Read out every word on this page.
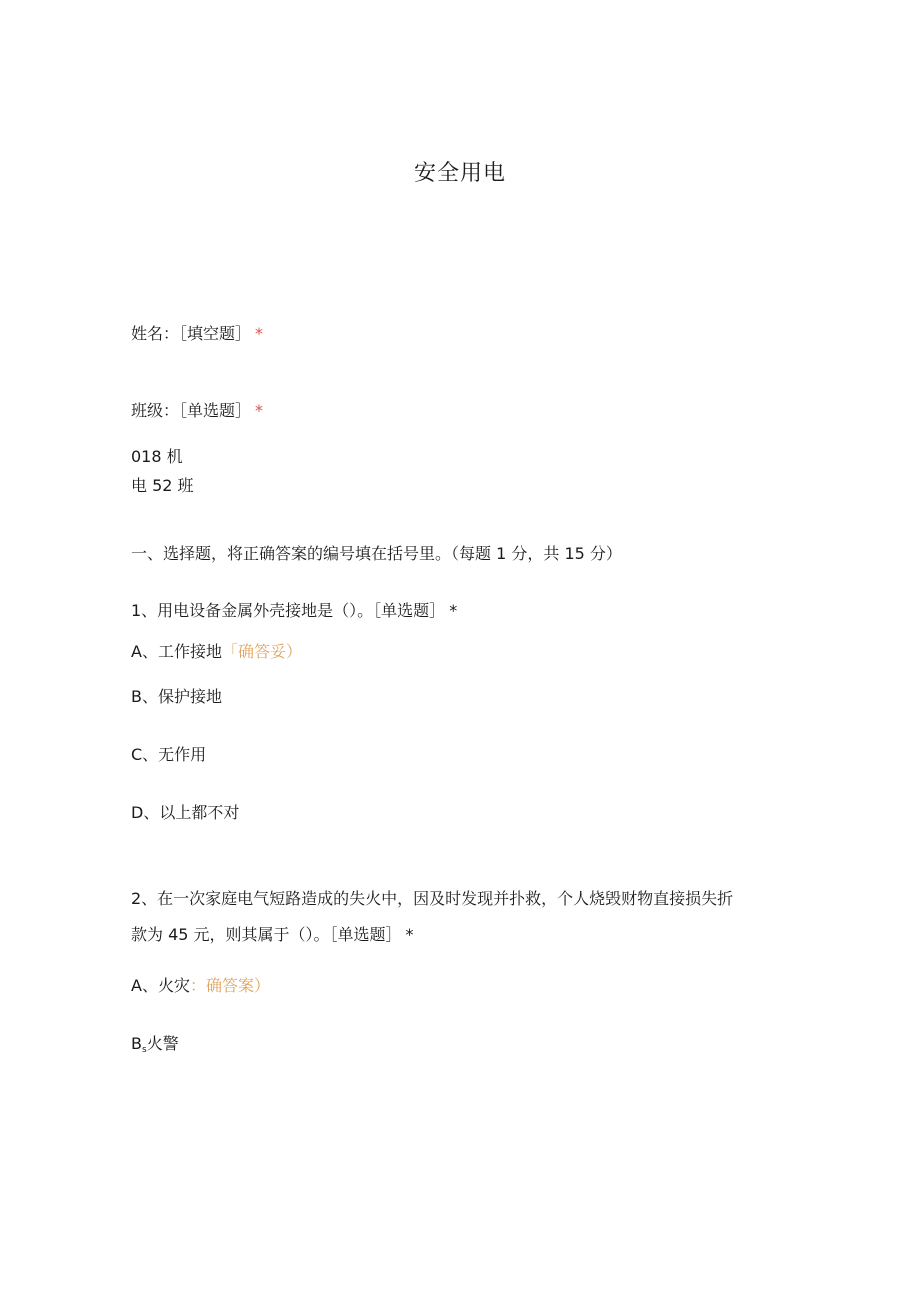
安全用电
姓名：［填空题］ *
班级：［单选题］ *
018 机
电 52 班
一、选择题，将正确答案的编号填在括号里。（每题 1 分，共 15 分）
1、用电设备金属外壳接地是（）。［单选题］ *
A、工作接地「确答妥）
B、保护接地
C、无作用
D、以上都不对
2、在一次家庭电气短路造成的失火中，因及时发现并扑救，个人烧毁财物直接损失折
款为 45 元，则其属于（）。［单选题］ *
A、火灾：确答案）
Bs火警
